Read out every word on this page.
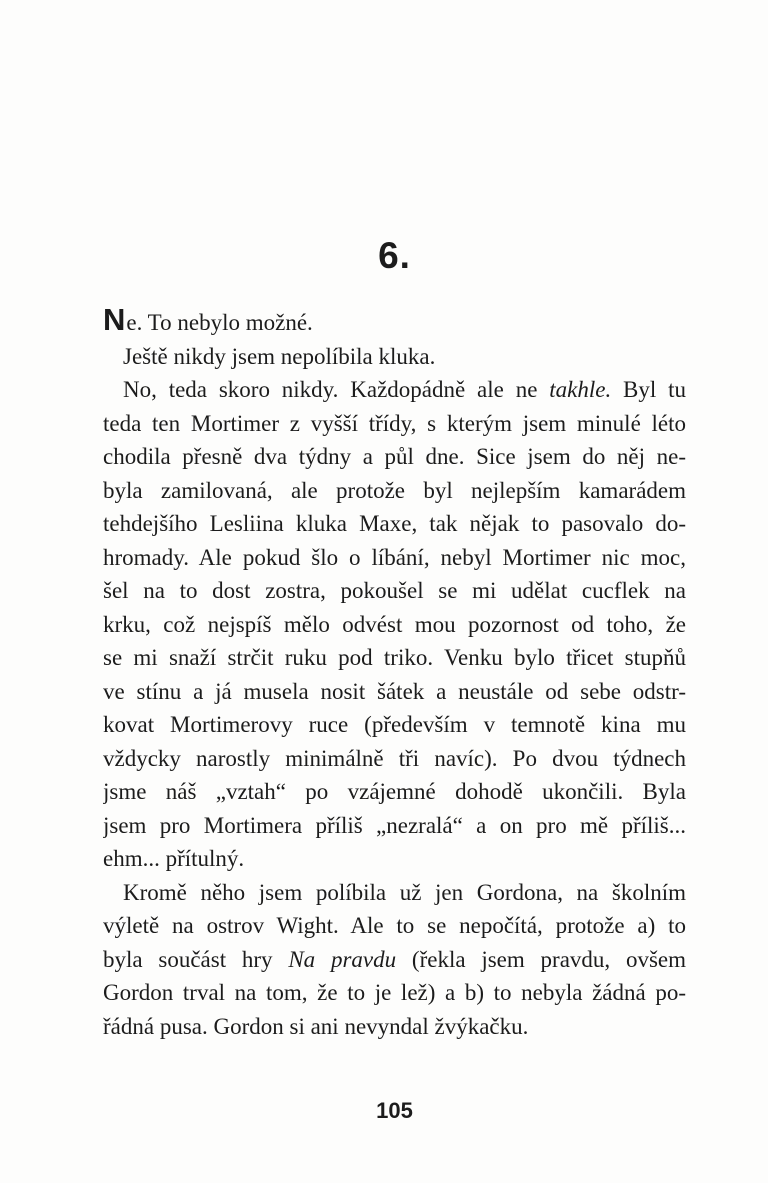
6.
Ne. To nebylo možné.
Ještě nikdy jsem nepolíbila kluka.
No, teda skoro nikdy. Každopádně ale ne takhle. Byl tu
teda ten Mortimer z vyšší třídy, s kterým jsem minulé léto
chodila přesně dva týdny a půl dne. Sice jsem do něj ne-
byla zamilovaná, ale protože byl nejlepším kamarádem
tehdejšího Lesliina kluka Maxe, tak nějak to pasovalo do-
hromady. Ale pokud šlo o líbání, nebyl Mortimer nic moc,
šel na to dost zostra, pokoušel se mi udělat cucflek na
krku, což nejspíš mělo odvést mou pozornost od toho, že
se mi snaží strčit ruku pod triko. Venku bylo třicet stupňů
ve stínu a já musela nosit šátek a neustále od sebe odstr-
kovat Mortimerovy ruce (především v temnotě kina mu
vždycky narostly minimálně tři navíc). Po dvou týdnech
jsme náš „vztah“ po vzájemné dohodě ukončili. Byla
jsem pro Mortimera příliš „nezralá“ a on pro mě příliš...
ehm... přítulný.
Kromě něho jsem políbila už jen Gordona, na školním
výletě na ostrov Wight. Ale to se nepočítá, protože a) to
byla součást hry Na pravdu (řekla jsem pravdu, ovšem
Gordon trval na tom, že to je lež) a b) to nebyla žádná po-
řádná pusa. Gordon si ani nevyndal žvýkačku.
105
